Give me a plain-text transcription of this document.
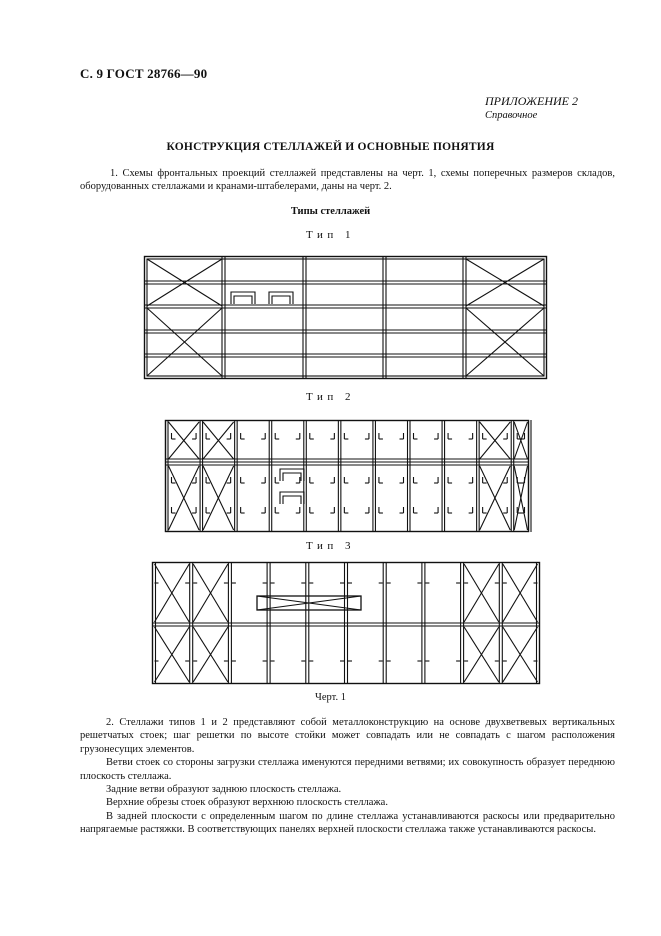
С. 9 ГОСТ 28766—90
ПРИЛОЖЕНИЕ 2
Справочное
КОНСТРУКЦИЯ СТЕЛЛАЖЕЙ И ОСНОВНЫЕ ПОНЯТИЯ
1. Схемы фронтальных проекций стеллажей представлены на черт. 1, схемы поперечных размеров складов, оборудованных стеллажами и кранами-штабелерами, даны на черт. 2.
Типы стеллажей
Тип 1
Тип 2
Тип 3
Черт. 1

2. Стеллажи типов 1 и 2 представляют собой металлоконструкцию на основе двухветвевых вертикальных решетчатых стоек; шаг решетки по высоте стойки может совпадать или не совпадать с шагом расположения грузонесущих элементов.

Ветви стоек со стороны загрузки стеллажа именуются передними ветвями; их совокупность образует переднюю плоскость стеллажа.

Задние ветви образуют заднюю плоскость стеллажа.

Верхние обрезы стоек образуют верхнюю плоскость стеллажа.

В задней плоскости с определенным шагом по длине стеллажа устанавливаются раскосы или предварительно напрягаемые растяжки. В соответствующих панелях верхней плоскости стеллажа также устанавливаются раскосы.
